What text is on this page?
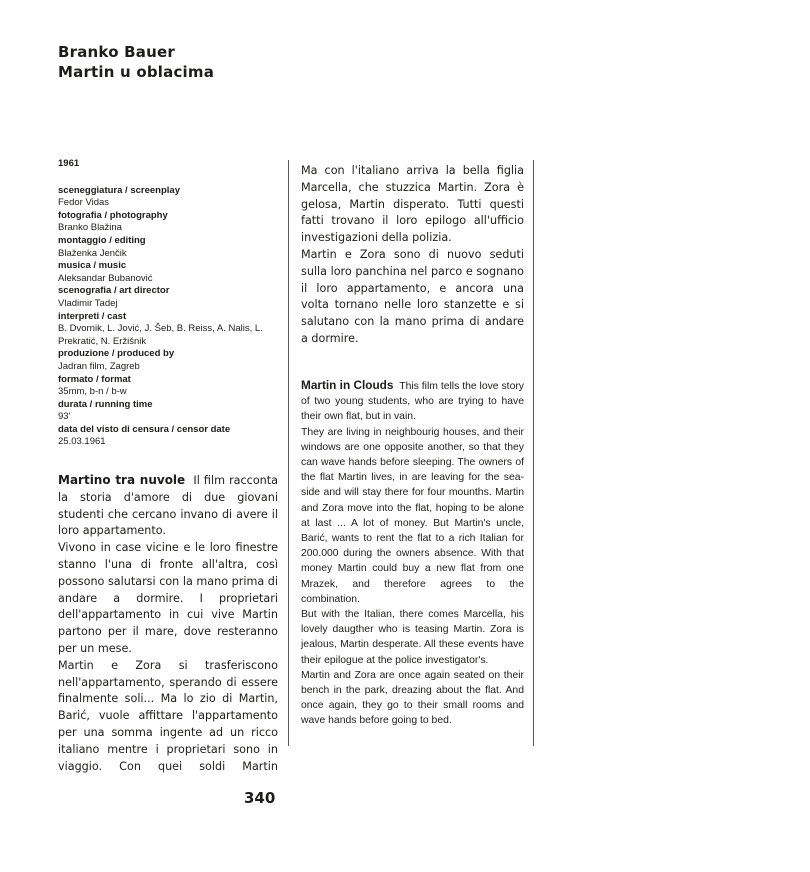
Branko Bauer

Martin u oblacima

1961
sceneggiatura / screenplay
Fedor Vidas
fotografia / photography
Branko Blažina
montaggio / editing
Blaženka Jenčik
musica / music
Aleksandar Bubanović
scenografia / art director
Vladimir Tadej
interpreti / cast
B. Dvornik, L. Jović, J. Šeb, B. Reiss, A. Nalis, L. Prekratić, N. Eržišnik
produzione / produced by
Jadran film, Zagreb
formato / format
35mm, b-n / b-w
durata / running time
93'
data del visto di censura / censor date
25.03.1961

Martino tra nuvole Il film racconta la storia d'amore di due giovani studenti che cercano invano di avere il loro appartamento.

Vivono in case vicine e le loro finestre stanno l'una di fronte all'altra, così possono salutarsi con la mano prima di andare a dormire. I proprietari dell'appartamento in cui vive Martin partono per il mare, dove resteranno per un mese.

Martin e Zora si trasferiscono nell'appartamento, sperando di essere finalmente soli... Ma lo zio di Martin, Barić, vuole affittare l'appartamento per una somma ingente ad un ricco italiano mentre i proprietari sono in viaggio. Con quei soldi Martin

Ma con l'italiano arriva la bella figlia Marcella, che stuzzica Martin. Zora è gelosa, Martin disperato. Tutti questi fatti trovano il loro epilogo all'ufficio investigazioni della polizia.

Martin e Zora sono di nuovo seduti sulla loro panchina nel parco e sognano il loro appartamento, e ancora una volta tornano nelle loro stanzette e si salutano con la mano prima di andare a dormire.

Martin in Clouds This film tells the love story of two young students, who are trying to have their own flat, but in vain.

They are living in neighbourig houses, and their windows are one opposite another, so that they can wave hands before sleeping. The owners of the flat Martin lives, in are leaving for the sea-side and will stay there for four mounths. Martin and Zora move into the flat, hoping to be alone at last ... A lot of money. But Martin's uncle, Barić, wants to rent the flat to a rich Italian for 200.000 during the owners absence. With that money Martin could buy a new flat from one Mrazek, and therefore agrees to the combination.

But with the Italian, there comes Marcella, his lovely daugther who is teasing Martin. Zora is jealous, Martin desperate. All these events have their epilogue at the police investigator's.

Martin and Zora are once again seated on their bench in the park, dreazing about the flat. And once again, they go to their small rooms and wave hands before going to bed.

340
